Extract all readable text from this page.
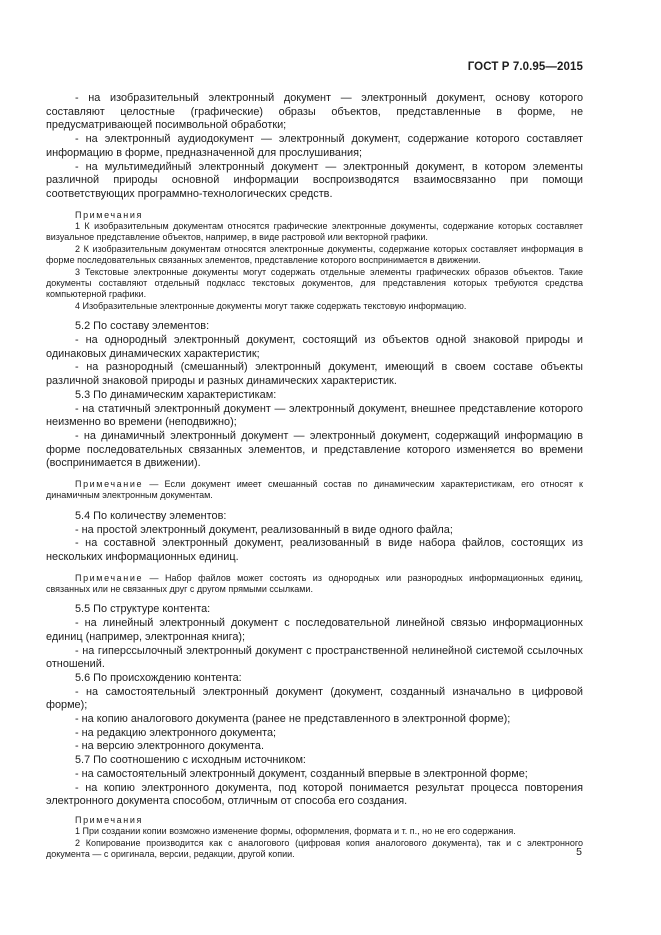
ГОСТ Р 7.0.95—2015

- на изобразительный электронный документ — электронный документ, основу которого составляют целостные (графические) образы объектов, представленные в форме, не предусматривающей посимвольной обработки;

- на электронный аудиодокумент — электронный документ, содержание которого составляет информацию в форме, предназначенной для прослушивания;

- на мультимедийный электронный документ — электронный документ, в котором элементы различной природы основной информации воспроизводятся взаимосвязанно при помощи соответствующих программно-технологических средств.

Примечания

1 К изобразительным документам относятся графические электронные документы, содержание которых составляет визуальное представление объектов, например, в виде растровой или векторной графики.

2 К изобразительным документам относятся электронные документы, содержание которых составляет информация в форме последовательных связанных элементов, представление которого воспринимается в движении.

3 Текстовые электронные документы могут содержать отдельные элементы графических образов объектов. Такие документы составляют отдельный подкласс текстовых документов, для представления которых требуются средства компьютерной графики.

4 Изобразительные электронные документы могут также содержать текстовую информацию.

5.2 По составу элементов:

- на однородный электронный документ, состоящий из объектов одной знаковой природы и одинаковых динамических характеристик;

- на разнородный (смешанный) электронный документ, имеющий в своем составе объекты различной знаковой природы и разных динамических характеристик.

5.3 По динамическим характеристикам:

- на статичный электронный документ — электронный документ, внешнее представление которого неизменно во времени (неподвижно);

- на динамичный электронный документ — электронный документ, содержащий информацию в форме последовательных связанных элементов, и представление которого изменяется во времени (воспринимается в движении).

Примечание — Если документ имеет смешанный состав по динамическим характеристикам, его относят к динамичным электронным документам.

5.4 По количеству элементов:

- на простой электронный документ, реализованный в виде одного файла;

- на составной электронный документ, реализованный в виде набора файлов, состоящих из нескольких информационных единиц.

Примечание — Набор файлов может состоять из однородных или разнородных информационных единиц, связанных или не связанных друг с другом прямыми ссылками.

5.5 По структуре контента:

- на линейный электронный документ с последовательной линейной связью информационных единиц (например, электронная книга);

- на гиперссылочный электронный документ с пространственной нелинейной системой ссылочных отношений.

5.6 По происхождению контента:

- на самостоятельный электронный документ (документ, созданный изначально в цифровой форме);

- на копию аналогового документа (ранее не представленного в электронной форме);

- на редакцию электронного документа;

- на версию электронного документа.

5.7 По соотношению с исходным источником:

- на самостоятельный электронный документ, созданный впервые в электронной форме;

- на копию электронного документа, под которой понимается результат процесса повторения электронного документа способом, отличным от способа его создания.

Примечания

1 При создании копии возможно изменение формы, оформления, формата и т. п., но не его содержания.

2 Копирование производится как с аналогового (цифровая копия аналогового документа), так и с электронного документа — с оригинала, версии, редакции, другой копии.	5
